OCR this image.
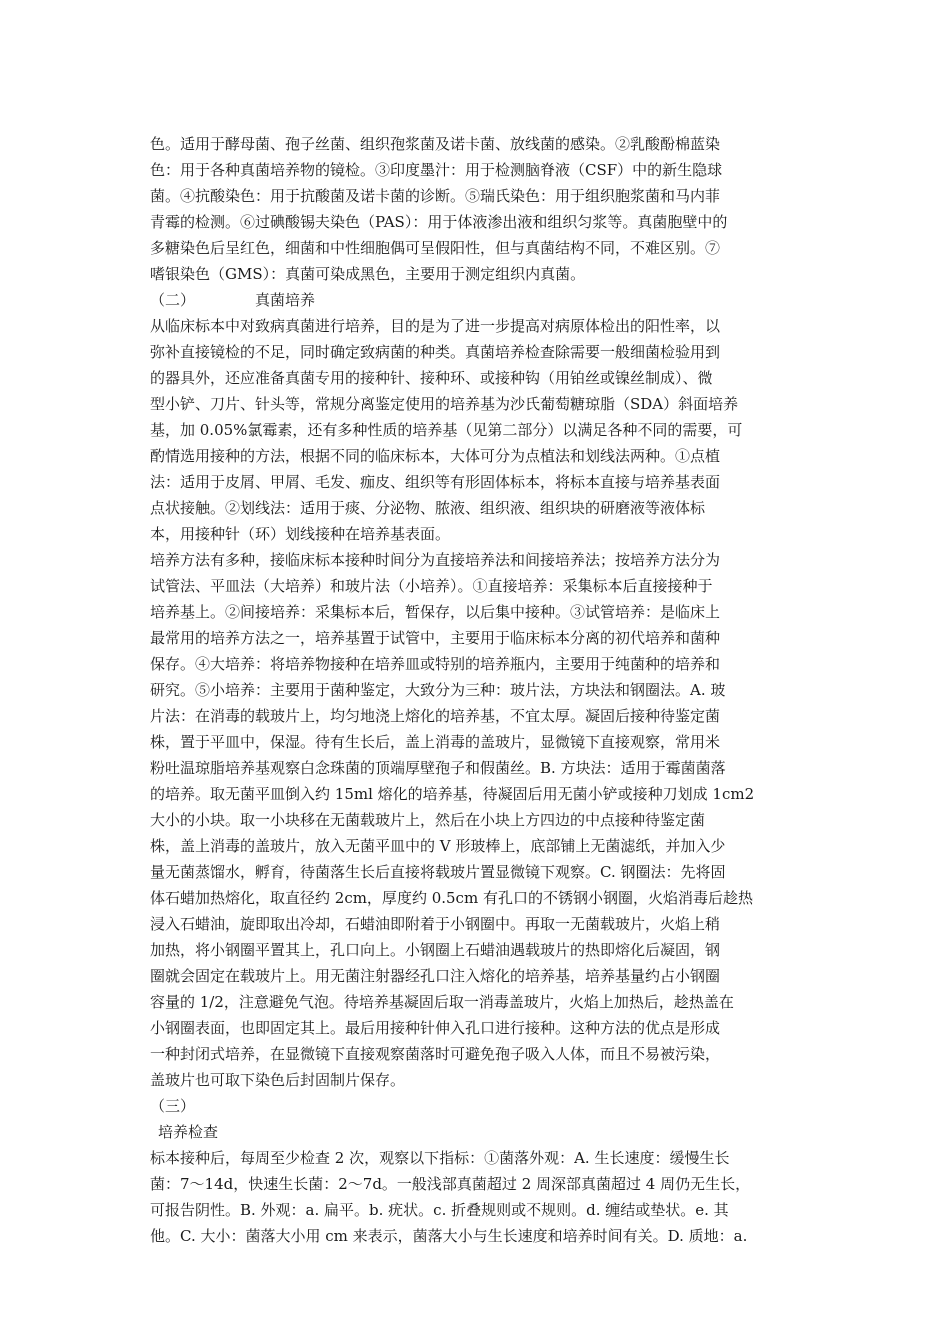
色。适用于酵母菌、孢子丝菌、组织孢浆菌及诺卡菌、放线菌的感染。②乳酸酚棉蓝染
色：用于各种真菌培养物的镜检。③印度墨汁：用于检测脑脊液（CSF）中的新生隐球
菌。④抗酸染色：用于抗酸菌及诺卡菌的诊断。⑤瑞氏染色：用于组织胞浆菌和马内菲
青霉的检测。⑥过碘酸锡夫染色（PAS）：用于体液渗出液和组织匀浆等。真菌胞壁中的
多糖染色后呈红色，细菌和中性细胞偶可呈假阳性，但与真菌结构不同，不难区别。⑦
嗜银染色（GMS）：真菌可染成黑色，主要用于测定组织内真菌。
（二）	真菌培养
从临床标本中对致病真菌进行培养，目的是为了进一步提高对病原体检出的阳性率，以
弥补直接镜检的不足，同时确定致病菌的种类。真菌培养检查除需要一般细菌检验用到
的器具外，还应准备真菌专用的接种针、接种环、或接种钩（用铂丝或镍丝制成）、微
型小铲、刀片、针头等，常规分离鉴定使用的培养基为沙氏葡萄糖琼脂（SDA）斜面培养
基，加 0.05%氯霉素，还有多种性质的培养基（见第二部分）以满足各种不同的需要，可
酌情选用接种的方法，根据不同的临床标本，大体可分为点植法和划线法两种。①点植
法：适用于皮屑、甲屑、毛发、痂皮、组织等有形固体标本，将标本直接与培养基表面
点状接触。②划线法：适用于痰、分泌物、脓液、组织液、组织块的研磨液等液体标
本，用接种针（环）划线接种在培养基表面。
培养方法有多种，接临床标本接种时间分为直接培养法和间接培养法；按培养方法分为
试管法、平皿法（大培养）和玻片法（小培养）。①直接培养：采集标本后直接接种于
培养基上。②间接培养：采集标本后，暂保存，以后集中接种。③试管培养：是临床上
最常用的培养方法之一，培养基置于试管中，主要用于临床标本分离的初代培养和菌种
保存。④大培养：将培养物接种在培养皿或特别的培养瓶内，主要用于纯菌种的培养和
研究。⑤小培养：主要用于菌种鉴定，大致分为三种：玻片法，方块法和钢圈法。A. 玻
片法：在消毒的载玻片上，均匀地浇上熔化的培养基，不宜太厚。凝固后接种待鉴定菌
株，置于平皿中，保湿。待有生长后，盖上消毒的盖玻片，显微镜下直接观察，常用米
粉吐温琼脂培养基观察白念珠菌的顶端厚壁孢子和假菌丝。B. 方块法：适用于霉菌菌落
的培养。取无菌平皿倒入约 15ml 熔化的培养基，待凝固后用无菌小铲或接种刀划成 1cm2
大小的小块。取一小块移在无菌载玻片上，然后在小块上方四边的中点接种待鉴定菌
株，盖上消毒的盖玻片，放入无菌平皿中的 V 形玻棒上，底部铺上无菌滤纸，并加入少
量无菌蒸馏水，孵育，待菌落生长后直接将载玻片置显微镜下观察。C. 钢圈法：先将固
体石蜡加热熔化，取直径约 2cm，厚度约 0.5cm 有孔口的不锈钢小钢圈，火焰消毒后趁热
浸入石蜡油，旋即取出冷却，石蜡油即附着于小钢圈中。再取一无菌载玻片，火焰上稍
加热，将小钢圈平置其上，孔口向上。小钢圈上石蜡油遇载玻片的热即熔化后凝固，钢
圈就会固定在载玻片上。用无菌注射器经孔口注入熔化的培养基，培养基量约占小钢圈
容量的 1/2，注意避免气泡。待培养基凝固后取一消毒盖玻片，火焰上加热后，趁热盖在
小钢圈表面，也即固定其上。最后用接种针伸入孔口进行接种。这种方法的优点是形成
一种封闭式培养，在显微镜下直接观察菌落时可避免孢子吸入人体，而且不易被污染，
盖玻片也可取下染色后封固制片保存。
（三）
培养检查
标本接种后，每周至少检查 2 次，观察以下指标：①菌落外观：A. 生长速度：缓慢生长
菌：7～14d，快速生长菌：2～7d。一般浅部真菌超过 2 周深部真菌超过 4 周仍无生长，
可报告阴性。B. 外观：a. 扁平。b. 疣状。c. 折叠规则或不规则。d. 缠结或垫状。e. 其
他。C. 大小：菌落大小用 cm 来表示，菌落大小与生长速度和培养时间有关。D. 质地：a.
